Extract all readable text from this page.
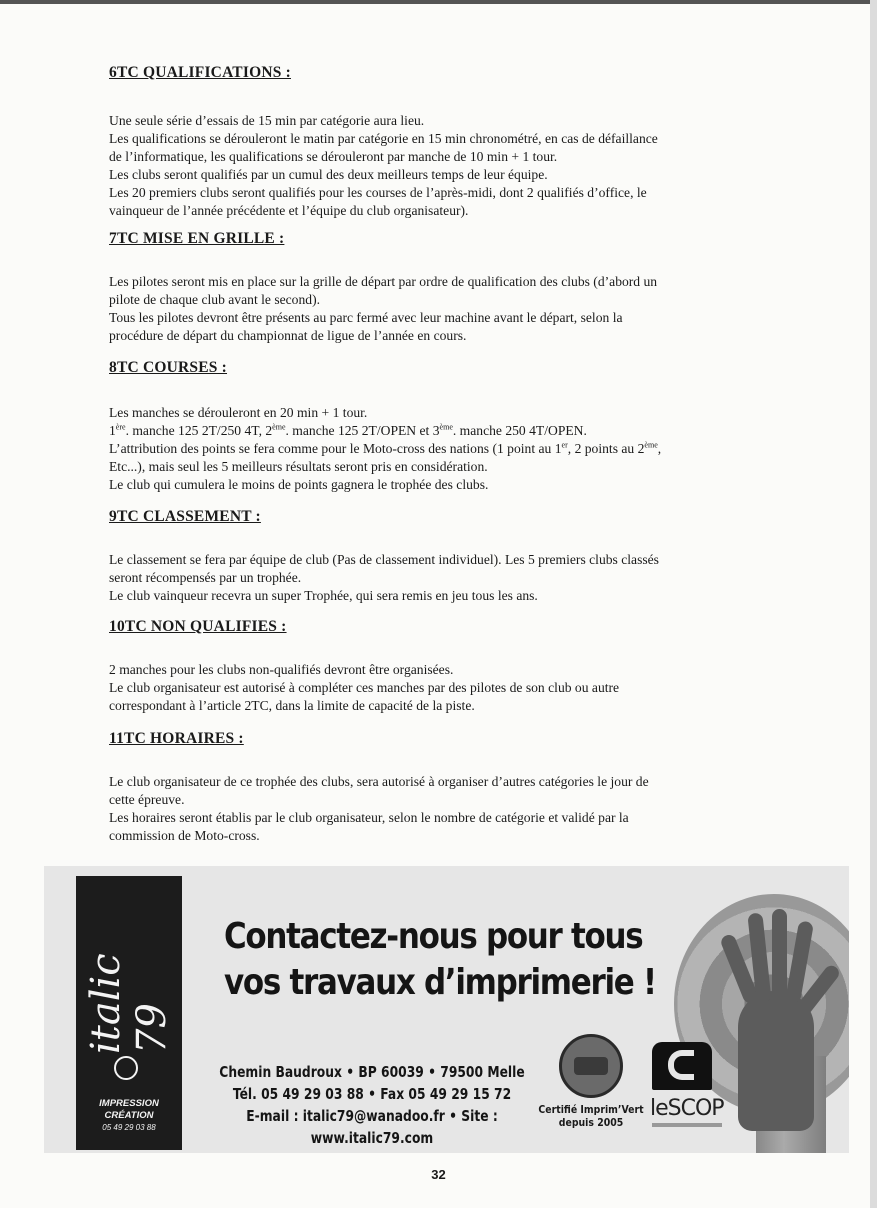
6TC QUALIFICATIONS :

Une seule série d’essais de 15 min par catégorie aura lieu.

Les qualifications se dérouleront le matin par catégorie en 15 min chronométré, en cas de défaillance

de l’informatique, les qualifications se dérouleront par manche de 10 min + 1 tour.

Les clubs seront qualifiés par un cumul des deux meilleurs temps de leur équipe.

Les 20 premiers clubs seront qualifiés pour les courses de l’après-midi, dont 2 qualifiés d’office, le

vainqueur de l’année précédente et l’équipe du club organisateur).

7TC MISE EN GRILLE :

Les pilotes seront mis en place sur la grille de départ par ordre de qualification des clubs (d’abord un

pilote de chaque club avant le second).

Tous les pilotes devront être présents au parc fermé avec leur machine avant le départ, selon la

procédure de départ du championnat de ligue de l’année en cours.

8TC COURSES :

Les manches se dérouleront en 20 min + 1 tour.

1ère. manche 125 2T/250 4T, 2ème. manche 125 2T/OPEN et 3ème. manche 250 4T/OPEN.

L’attribution des points se fera comme pour le Moto-cross des nations (1 point au 1er, 2 points au 2ème,

Etc...), mais seul les 5 meilleurs résultats seront pris en considération.

Le club qui cumulera le moins de points gagnera le trophée des clubs.

9TC CLASSEMENT :

Le classement se fera par équipe de club (Pas de classement individuel). Les 5 premiers clubs classés

seront récompensés par un trophée.

Le club vainqueur recevra un super Trophée, qui sera remis en jeu tous les ans.

10TC NON QUALIFIES :

2 manches pour les clubs non-qualifiés devront être organisées.

Le club organisateur est autorisé à compléter ces manches par des pilotes de son club ou autre

correspondant à l’article 2TC, dans la limite de capacité de la piste.

11TC HORAIRES :

Le club organisateur de ce trophée des clubs, sera autorisé à organiser d’autres catégories le jour de

cette épreuve.

Les horaires seront établis par le club organisateur, selon le nombre de catégorie et validé par la

commission de Moto-cross.

italic 79
IMPRESSION
CRÉATION
05 49 29 03 88
Contactez-nous pour tous
vos travaux d’imprimerie !
Chemin Baudroux • BP 60039 • 79500 Melle
Tél. 05 49 29 03 88 • Fax 05 49 29 15 72
E-mail : italic79@wanadoo.fr • Site : www.italic79.com
Certifié Imprim’Vert
depuis 2005
leSCOP
32
